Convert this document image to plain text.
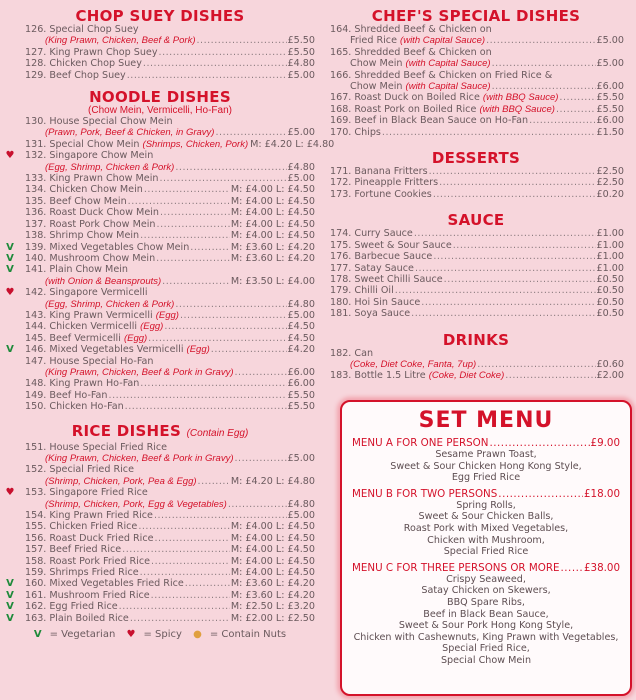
CHOP SUEY DISHES
126. Special Chop Suey
(King Prawn, Chicken, Beef & Pork) .....	£5.50
127. King Prawn Chop Suey .....	£5.50
128. Chicken Chop Suey .....	£4.80
129. Beef Chop Suey .....	£5.00
NOODLE DISHES
(Chow Mein, Vermicelli, Ho-Fan)
130. House Special Chow Mein
(Prawn, Pork, Beef & Chicken, in Gravy) .....	£5.00
131. Special Chow Mein (Shrimps, Chicken, Pork) M: £4.20 L: £4.80
♥ 132. Singapore Chow Mein
(Egg, Shrimp, Chicken & Pork) .....	£4.80
133. King Prawn Chow Mein .....	£5.00
134. Chicken Chow Mein .....	M: £4.00 L: £4.50
135. Beef Chow Mein .....	M: £4.00 L: £4.50
136. Roast Duck Chow Mein .....	M: £4.00 L: £4.50
137. Roast Pork Chow Mein .....	M: £4.00 L: £4.50
138. Shrimp Chow Mein .....	M: £4.00 L: £4.50
V	139. Mixed Vegetables Chow Mein .....	M: £3.60 L: £4.20
V	140. Mushroom Chow Mein .....	M: £3.60 L: £4.20
V	141. Plain Chow Mein
(with Onion & Beansprouts) .....	M: £3.50 L: £4.00
♥ 142. Singapore Vermicelli
(Egg, Shrimp, Chicken & Pork) .....	£4.80
143. King Prawn Vermicelli (Egg) .....	£5.00
144. Chicken Vermicelli (Egg) .....	£4.50
145. Beef Vermicelli (Egg) .....	£4.50
V	146. Mixed Vegetables Vermicelli (Egg) .....	£4.20
147. House Special Ho-Fan
(King Prawn, Chicken, Beef & Pork in Gravy) .....	£6.00
148. King Prawn Ho-Fan .....	£6.00
149. Beef Ho-Fan .....	£5.50
150. Chicken Ho-Fan .....	£5.50
RICE DISHES (Contain Egg)
151. House Special Fried Rice
(King Prawn, Chicken, Beef & Pork in Gravy) .....	£5.00
152. Special Fried Rice
(Shrimp, Chicken, Pork, Pea & Egg) .....	M: £4.20 L: £4.80
♥ 153. Singapore Fried Rice
(Shrimp, Chicken, Pork, Egg & Vegetables) .....	£4.80
154. King Prawn Fried Rice .....	£5.00
155. Chicken Fried Rice .....	M: £4.00 L: £4.50
156. Roast Duck Fried Rice .....	M: £4.00 L: £4.50
157. Beef Fried Rice .....	M: £4.00 L: £4.50
158. Roast Pork Fried Rice .....	M: £4.00 L: £4.50
159. Shrimps Fried Rice .....	M: £4.00 L: £4.50
V	160. Mixed Vegetables Fried Rice .....	M: £3.60 L: £4.20
V	161. Mushroom Fried Rice .....	M: £3.60 L: £4.20
V	162. Egg Fried Rice .....	M: £2.50 L: £3.20
V	163. Plain Boiled Rice .....	M: £2.00 L: £2.50
V = Vegetarian ♥ = Spicy ● = Contain Nuts
CHEF'S SPECIAL DISHES
164. Shredded Beef & Chicken on
Fried Rice (with Capital Sauce) .....	£5.00
165. Shredded Beef & Chicken on
Chow Mein (with Capital Sauce) .....	£5.00
166. Shredded Beef & Chicken on Fried Rice &
Chow Mein (with Capital Sauce) .....	£6.00
167. Roast Duck on Boiled Rice (with BBQ Sauce) .....	£5.50
168. Roast Pork on Boiled Rice (with BBQ Sauce) .....	£5.50
169. Beef in Black Bean Sauce on Ho-Fan .....	£6.00
170. Chips .....	£1.50
DESSERTS
171. Banana Fritters .....	£2.50
172. Pineapple Fritters .....	£2.50
173. Fortune Cookies .....	£0.20
SAUCE
174. Curry Sauce .....	£1.00
175. Sweet & Sour Sauce .....	£1.00
176. Barbecue Sauce .....	£1.00
177. Satay Sauce .....	£1.00
178. Sweet Chilli Sauce .....	£0.50
179. Chilli Oil .....	£0.50
180. Hoi Sin Sauce .....	£0.50
181. Soya Sauce .....	£0.50
DRINKS
182. Can
(Coke, Diet Coke, Fanta, 7up) .....	£0.60
183. Bottle 1.5 Litre (Coke, Diet Coke) .....	£2.00
SET MENU
MENU A FOR ONE PERSON .....	£9.00
Sesame Prawn Toast,
Sweet & Sour Chicken Hong Kong Style,
Egg Fried Rice
MENU B FOR TWO PERSONS .....	£18.00
Spring Rolls,
Sweet & Sour Chicken Balls,
Roast Pork with Mixed Vegetables,
Chicken with Mushroom,
Special Fried Rice
MENU C FOR THREE PERSONS OR MORE ..... £38.00
Crispy Seaweed,
Satay Chicken on Skewers,
BBQ Spare Ribs,
Beef in Black Bean Sauce,
Sweet & Sour Pork Hong Kong Style,
Chicken with Cashewnuts, King Prawn with Vegetables,
Special Fried Rice,
Special Chow Mein
